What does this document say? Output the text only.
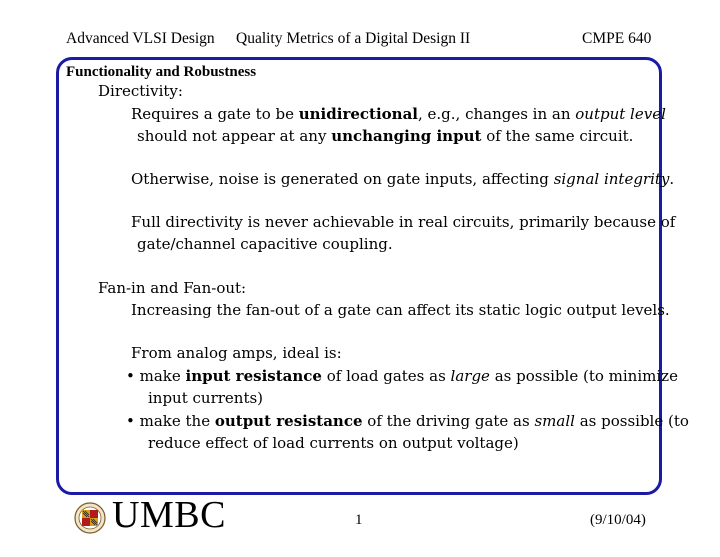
Advanced VLSI Design Quality Metrics of a Digital Design II	CMPE 640
Functionality and Robustness
Directivity:
Requires a gate to be unidirectional, e.g., changes in an output level
should not appear at any unchanging input of the same circuit.
Otherwise, noise is generated on gate inputs, affecting signal integrity.
Full directivity is never achievable in real circuits, primarily because of
gate/channel capacitive coupling.
Fan-in and Fan-out:
Increasing the fan-out of a gate can affect its static logic output levels.
From analog amps, ideal is:
• make input resistance of load gates as large as possible (to minimize
input currents)
• make the output resistance of the driving gate as small as possible (to
reduce effect of load currents on output voltage)
UMBC	1	(9/10/04)
